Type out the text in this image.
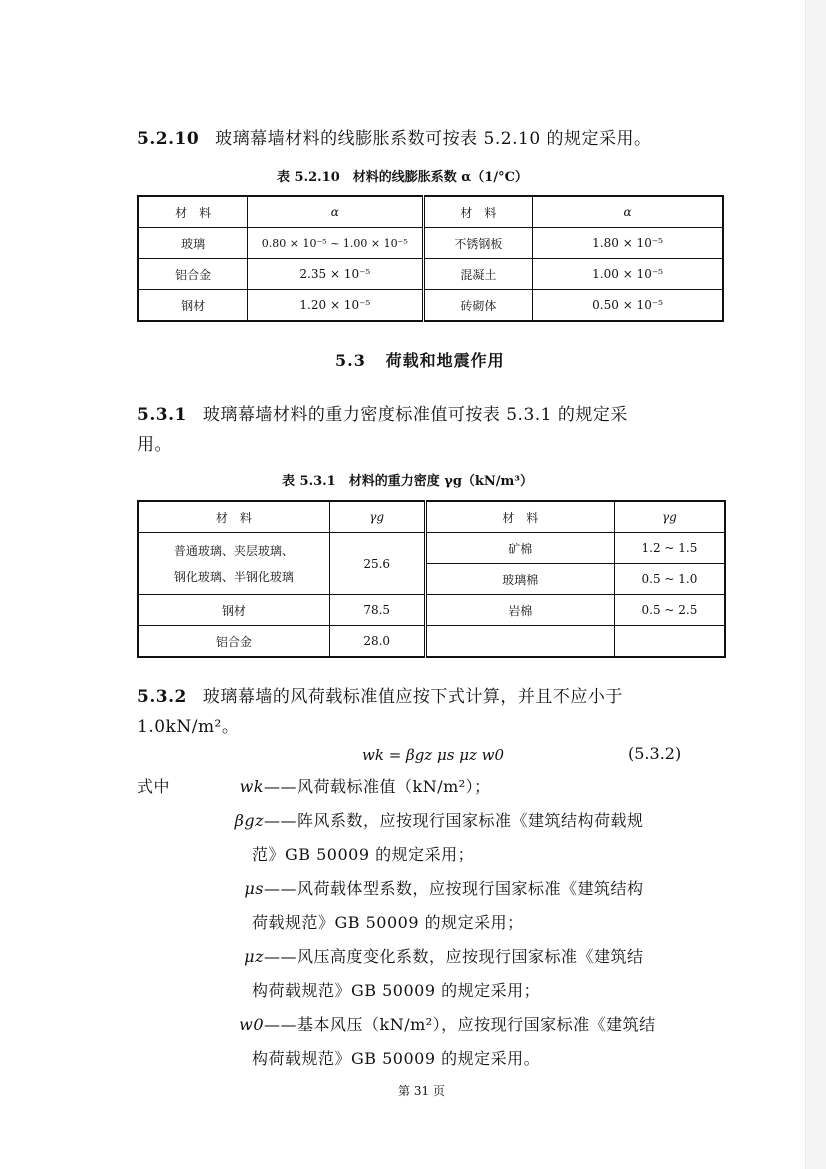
5.2.10 玻璃幕墙材料的线膨胀系数可按表 5.2.10 的规定采用。
表 5.2.10　材料的线膨胀系数 α（1/°C）
材　料	α	材　料	α
玻璃	0.80 × 10⁻⁵ ~ 1.00 × 10⁻⁵	不锈钢板	1.80 × 10⁻⁵
铝合金	2.35 × 10⁻⁵	混凝土	1.00 × 10⁻⁵
钢材	1.20 × 10⁻⁵	砖砌体	0.50 × 10⁻⁵
5.3 荷载和地震作用
5.3.1 玻璃幕墙材料的重力密度标准值可按表 5.3.1 的规定采
用。
表 5.3.1　材料的重力密度 γg（kN/m³）
材　料	γg	材　料	γg

普通玻璃、夹层玻璃、
钢化玻璃、半钢化玻璃	25.6	矿棉	1.2 ~ 1.5
		玻璃棉	0.5 ~ 1.0
钢材	78.5	岩棉	0.5 ~ 2.5
铝合金	28.0		
5.3.2 玻璃幕墙的风荷载标准值应按下式计算，并且不应小于
1.0kN/m²。
wk = βgz μs μz w0	(5.3.2)
式中	wk——风荷载标准值（kN/m²）；
βgz——阵风系数，应按现行国家标准《建筑结构荷载规
范》GB 50009 的规定采用；
μs——风荷载体型系数，应按现行国家标准《建筑结构
荷载规范》GB 50009 的规定采用；
μz——风压高度变化系数，应按现行国家标准《建筑结
构荷载规范》GB 50009 的规定采用；
w0——基本风压（kN/m²），应按现行国家标准《建筑结
构荷载规范》GB 50009 的规定采用。
第 31 页
